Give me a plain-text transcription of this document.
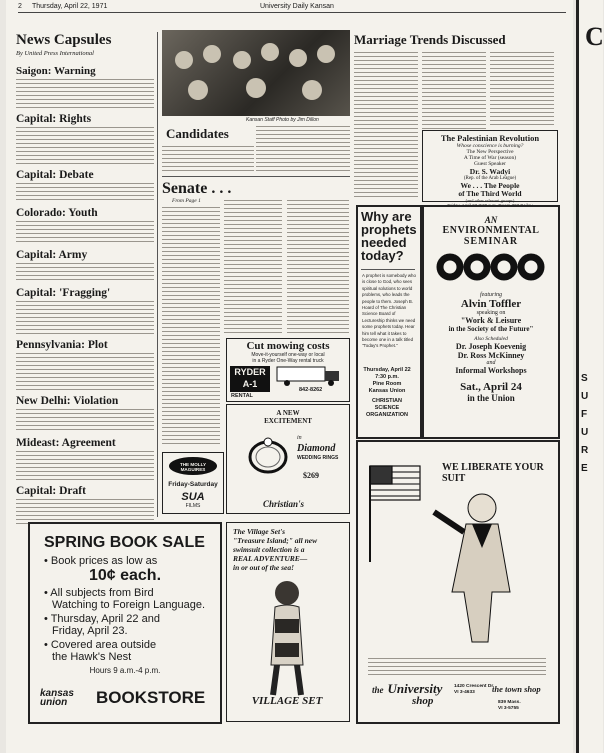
2 Thursday, April 22, 1971	University Daily Kansan
News Capsules
By United Press International
Saigon: Warning
Capital: Rights
Capital: Debate
Colorado: Youth
Capital: Army
Capital: 'Fragging'
Pennsylvania: Plot
New Delhi: Violation
Mideast: Agreement
Capital: Draft
Kansan Staff Photo by Jim Dillon
Candidates
Senate . . .
From Page 1
Marriage Trends Discussed
The Palestinian Revolution
Whose conscience is burning?
The New Perspective
A Time of War (season)
Guest Speaker
Dr. S. Wadyi
(Rep. of the Arab League)
We . . . The People
of The Third World
(and other relevant groups)
Why are
prophets
needed
today?
A prophet is somebody who is close to God, who sees spiritual solutions to world problems, who leads the people to them. Joseph B. Hoard of The Christian Science Board of Lectureship thinks we need some prophets today. Hear him tell what it takes to become one in a talk titled "Today's Prophet."
Thursday, April 22
7:30 p.m.
Pine Room
Kansas Union
CHRISTIAN
SCIENCE
ORGANIZATION
AN
ENVIRONMENTAL
SEMINAR
featuring
Alvin Toffler
speaking on
"Work & Leisure
in the Society of the Future"
Also Scheduled
Dr. Joseph Koevenig
Dr. Ross McKinney
and
Informal Workshops
Sat., April 24
in the Union
Cut mowing costs
Move-it-yourself one-way or local
in a Ryder One-Way rental truck
RYDER
A-1
842-8262
RENTAL
A NEW
EXCITEMENT
in
Diamond
WEDDING RINGS
$269
Christian's
THE MOLLY MAGUIRES
Friday-Saturday
SUA
FILMS
SPRING BOOK SALE
• Book prices as low as
10¢ each.
• All subjects from Bird
Watching to Foreign Language.
• Thursday, April 22 and
Friday, April 23.
• Covered area outside
the Hawk's Nest
Hours 9 a.m.-4 p.m.
kansas
union	BOOKSTORE
The Village Set's
"Treasure Island;" all new
swimsuit collection is a
REAL ADVENTURE—
in or out of the sea!
VILLAGE SET
WE LIBERATE YOUR SUIT
the University
shop
1420 Crescent Dr.
VI 3-4633	the town shop
839 Mass.
VI 3-5755
C
S U F U R E
